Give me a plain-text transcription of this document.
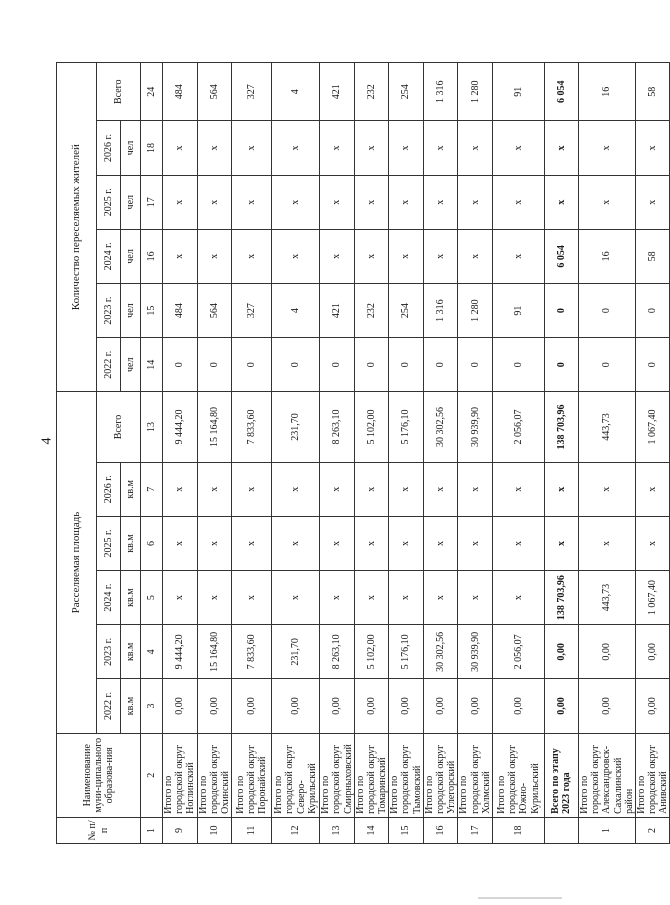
4
№ п/п	Наименование муни-ципального образова-ния	Расселяемая площадь						Количество переселяемых жителей					
		2022 г.	2023 г.	2024 г.	2025 г.	2026 г.	Всего	2022 г.	2023 г.	2024 г.	2025 г.	2026 г.	Всего
		кв.м	кв.м	кв.м	кв.м	кв.м		чел	чел	чел	чел	чел	
1	2	3	4	5	6	7	13	14	15	16	17	18	24
9	Итого по городской округ Ноглинский	0,00	9 444,20	x	x	x	9 444,20	0	484	x	x	x	484
10	Итого по городской округ Охинский	0,00	15 164,80	x	x	x	15 164,80	0	564	x	x	x	564
11	Итого по городской округ Поронайский	0,00	7 833,60	x	x	x	7 833,60	0	327	x	x	x	327
12	Итого по городской округ Северо-Курильский	0,00	231,70	x	x	x	231,70	0	4	x	x	x	4
13	Итого по городской округ Смирныховский	0,00	8 263,10	x	x	x	8 263,10	0	421	x	x	x	421
14	Итого по городской округ Томаринский	0,00	5 102,00	x	x	x	5 102,00	0	232	x	x	x	232
15	Итого по городской округ Тымовский	0,00	5 176,10	x	x	x	5 176,10	0	254	x	x	x	254
16	Итого по городской округ Углегорский	0,00	30 302,56	x	x	x	30 302,56	0	1 316	x	x	x	1 316
17	Итого по городской округ Холмский	0,00	30 939,90	x	x	x	30 939,90	0	1 280	x	x	x	1 280
18	Итого по городской округ Южно-Курильский	0,00	2 056,07	x	x	x	2 056,07	0	91	x	x	x	91
	Всего по этапу 2023 года	0,00	0,00	138 703,96	x	x	138 703,96	0	0	6 054	x	x	6 054
1	Итого по городской округ Александровск-Сахалинский район	0,00	0,00	443,73	x	x	443,73	0	0	16	x	x	16
2	Итого по городской округ Анивский	0,00	0,00	1 067,40	x	x	1 067,40	0	0	58	x	x	58
